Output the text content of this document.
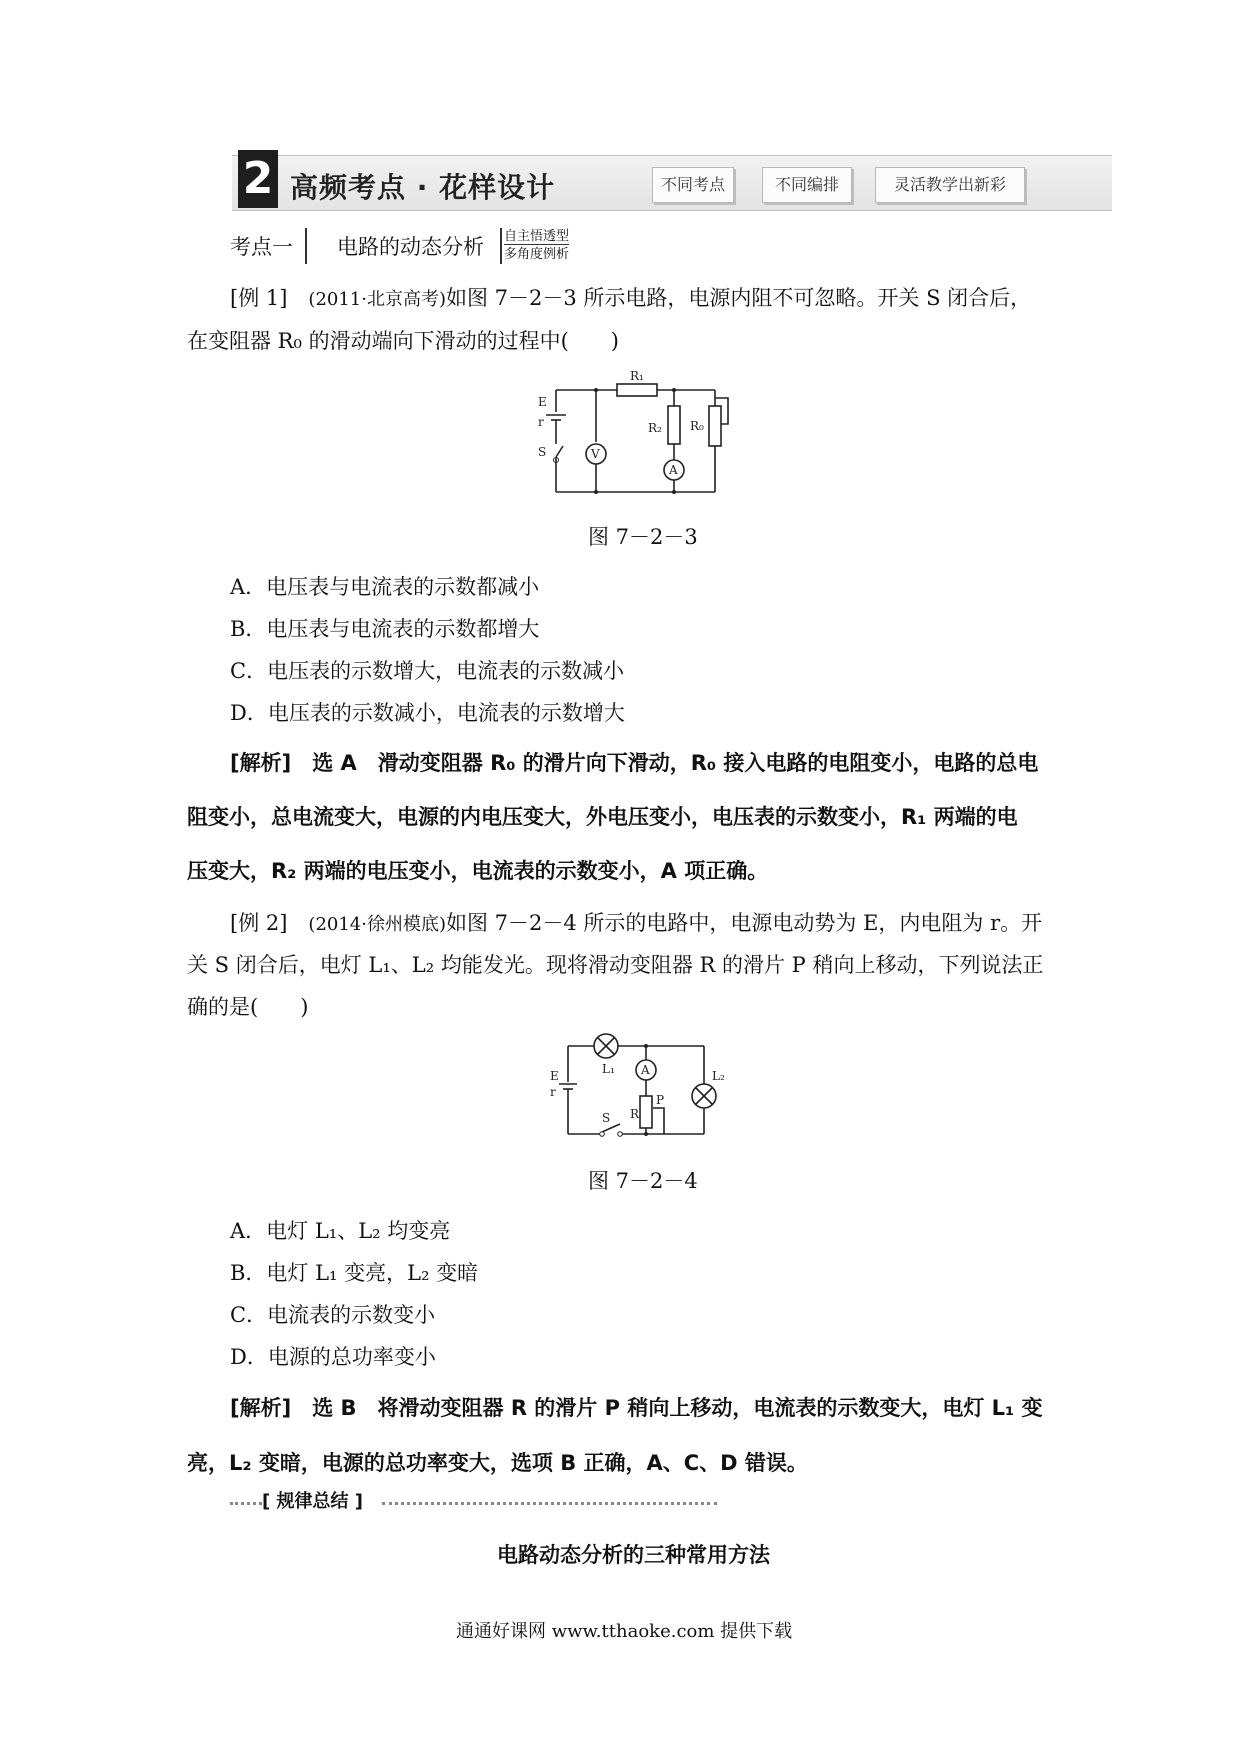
2 高频考点 · 花样设计	不同考点	不同编排	灵活教学出新彩
考点一 电路的动态分析 自主悟透型
多角度例析
[例 1]　 (2011·北京高考)如图 7－2－3 所示电路，电源内阻不可忽略。开关 S 闭合后，
在变阻器 R₀ 的滑动端向下滑动的过程中(　　)
E
r
S	V
A
R₁
R₂ R₀
图 7－2－3
A．电压表与电流表的示数都减小
B．电压表与电流表的示数都增大
C．电压表的示数增大，电流表的示数减小
D．电压表的示数减小，电流表的示数增大
[解析]　选 A　滑动变阻器 R₀ 的滑片向下滑动，R₀ 接入电路的电阻变小，电路的总电
阻变小，总电流变大，电源的内电压变大，外电压变小，电压表的示数变小，R₁ 两端的电
压变大，R₂ 两端的电压变小，电流表的示数变小，A 项正确。
[例 2]　 (2014·徐州模底)如图 7－2－4 所示的电路中，电源电动势为 E，内电阻为 r。开
关 S 闭合后，电灯 L₁、L₂ 均能发光。现将滑动变阻器 R 的滑片 P 稍向上移动，下列说法正
确的是(　　)
E
r
S
L₁	L₂
A
R
P
图 7－2－4
A．电灯 L₁、L₂ 均变亮
B．电灯 L₁ 变亮，L₂ 变暗
C．电流表的示数变小
D．电源的总功率变小
[解析]　选 B　将滑动变阻器 R 的滑片 P 稍向上移动，电流表的示数变大，电灯 L₁ 变
亮，L₂ 变暗，电源的总功率变大，选项 B 正确，A、C、D 错误。
[ 规律总结 ]
电路动态分析的三种常用方法
通通好课网 www.tthaoke.com 提供下载
